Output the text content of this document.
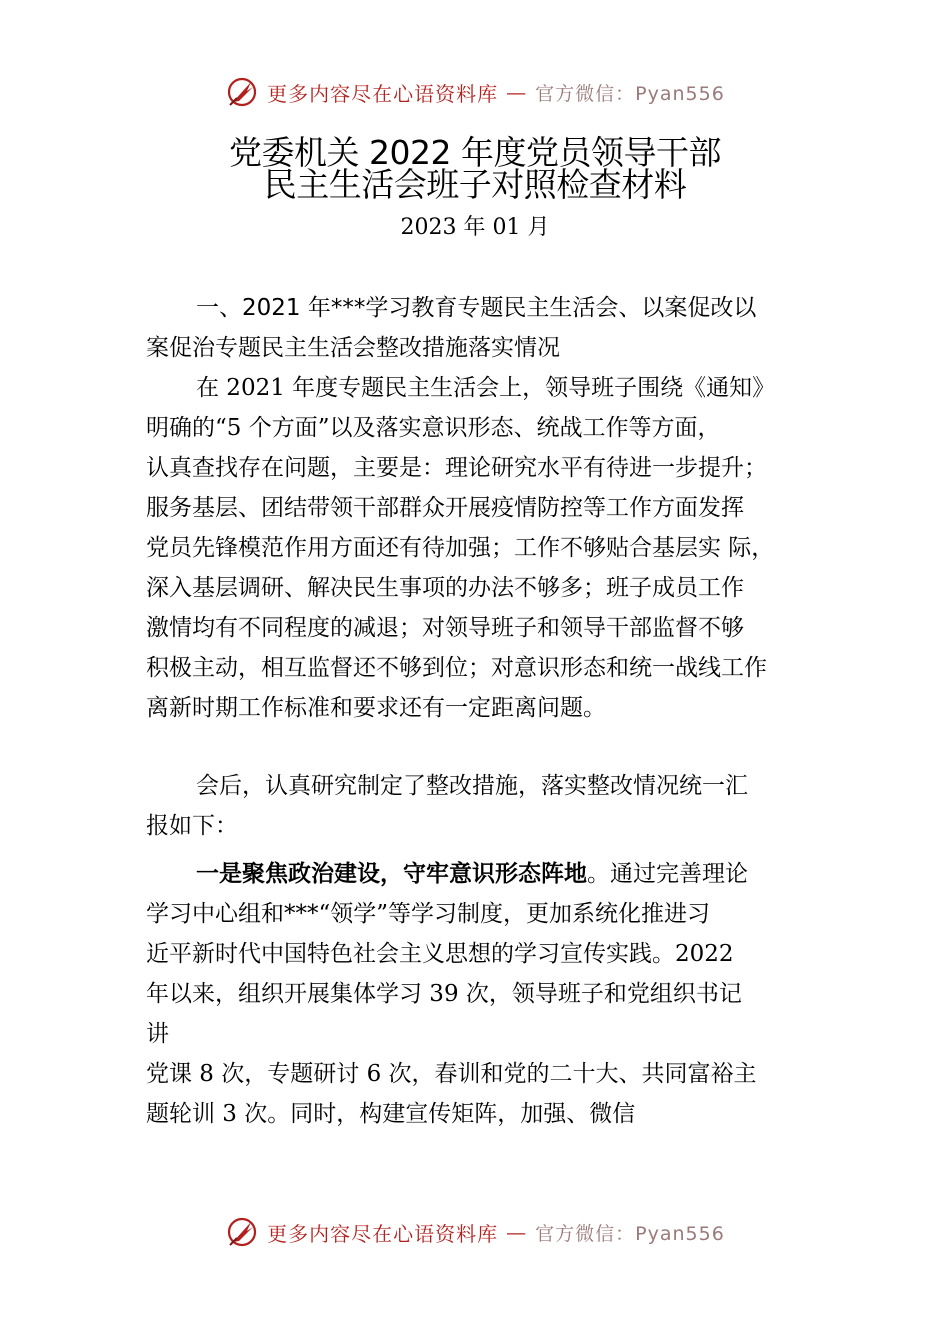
更多内容尽在心语资料库 — 官方微信：Pyan556
党委机关 2022 年度党员领导干部
民主生活会班子对照检查材料
2023 年 01 月
一、2021 年***学习教育专题民主生活会、以案促改以
案促治专题民主生活会整改措施落实情况
在 2021 年度专题民主生活会上，领导班子围绕《通知》
明确的“5 个方面”以及落实意识形态、统战工作等方面，
认真查找存在问题，主要是：理论研究水平有待进一步提升；
服务基层、团结带领干部群众开展疫情防控等工作方面发挥
党员先锋模范作用方面还有待加强；工作不够贴合基层实 际，
深入基层调研、解决民生事项的办法不够多；班子成员工作
激情均有不同程度的减退；对领导班子和领导干部监督不够
积极主动，相互监督还不够到位；对意识形态和统一战线工作
离新时期工作标准和要求还有一定距离问题。
会后，认真研究制定了整改措施，落实整改情况统一汇
报如下：
一是聚焦政治建设，守牢意识形态阵地。通过完善理论
学习中心组和***“领学”等学习制度，更加系统化推进习
近平新时代中国特色社会主义思想的学习宣传实践。2022
年以来，组织开展集体学习 39 次，领导班子和党组织书记
讲
党课 8 次，专题研讨 6 次，春训和党的二十大、共同富裕主
题轮训 3 次。同时，构建宣传矩阵，加强、微信
更多内容尽在心语资料库 — 官方微信：Pyan556
